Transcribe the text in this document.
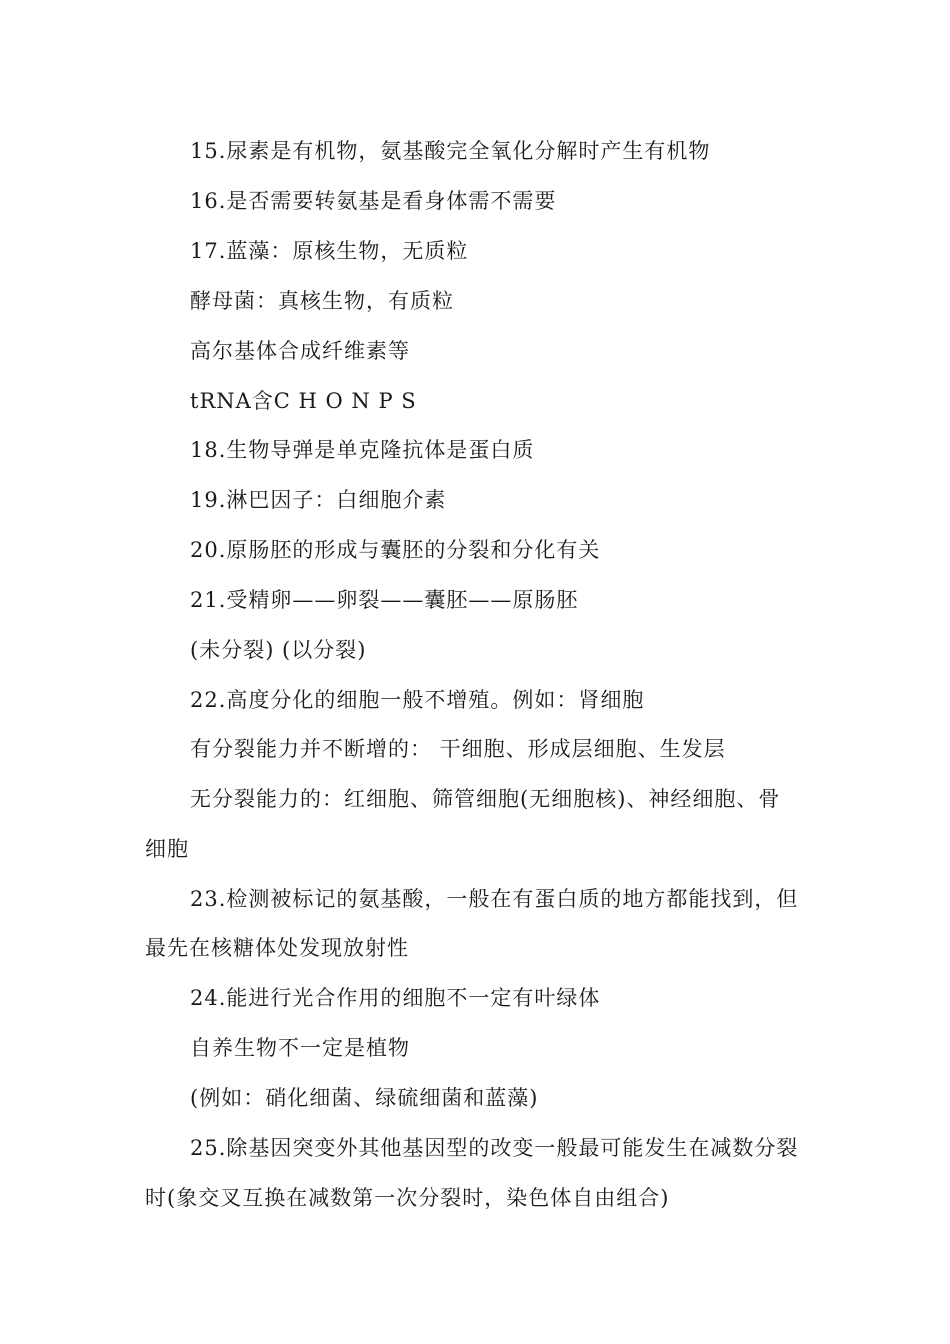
15.尿素是有机物，氨基酸完全氧化分解时产生有机物
16.是否需要转氨基是看身体需不需要
17.蓝藻：原核生物，无质粒
酵母菌：真核生物，有质粒
高尔基体合成纤维素等
tRNA含C H O N P S
18.生物导弹是单克隆抗体是蛋白质
19.淋巴因子：白细胞介素
20.原肠胚的形成与囊胚的分裂和分化有关
21.受精卵——卵裂——囊胚——原肠胚
(未分裂) (以分裂)
22.高度分化的细胞一般不增殖。例如：肾细胞
有分裂能力并不断增的： 干细胞、形成层细胞、生发层
无分裂能力的：红细胞、筛管细胞(无细胞核)、神经细胞、骨
细胞
23.检测被标记的氨基酸，一般在有蛋白质的地方都能找到，但
最先在核糖体处发现放射性
24.能进行光合作用的细胞不一定有叶绿体
自养生物不一定是植物
(例如：硝化细菌、绿硫细菌和蓝藻)
25.除基因突变外其他基因型的改变一般最可能发生在减数分裂
时(象交叉互换在减数第一次分裂时，染色体自由组合)
